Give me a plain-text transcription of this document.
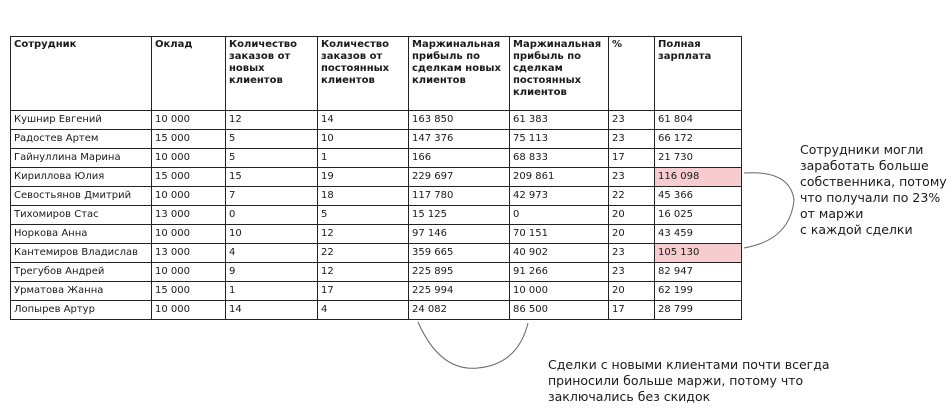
Сотрудник	Оклад	Количество заказов от новых клиентов	Количество заказов от постоянных клиентов	Маржинальная прибыль по сделкам новых клиентов	Маржинальная прибыль по сделкам постоянных клиентов	%	Полная зарплата
Кушнир Евгений	10 000	12	14	163 850	61 383	23	61 804
Радостев Артем	15 000	5	10	147 376	75 113	23	66 172
Гайнуллина Марина	10 000	5	1	166	68 833	17	21 730
Кириллова Юлия	15 000	15	19	229 697	209 861	23	116 098
Севостьянов Дмитрий	10 000	7	18	117 780	42 973	22	45 366
Тихомиров Стас	13 000	0	5	15 125	0	20	16 025
Норкова Анна	10 000	10	12	97 146	70 151	20	43 459
Кантемиров Владислав	13 000	4	22	359 665	40 902	23	105 130
Трегубов Андрей	10 000	9	12	225 895	91 266	23	82 947
Урматова Жанна	15 000	1	17	225 994	10 000	20	62 199
Лопырев Артур	10 000	14	4	24 082	86 500	17	28 799
Сотрудники могли
заработать больше
собственника, потому
что получали по 23%
от маржи
с каждой сделки
Сделки с новыми клиентами почти всегда
приносили больше маржи, потому что
заключались без скидок
